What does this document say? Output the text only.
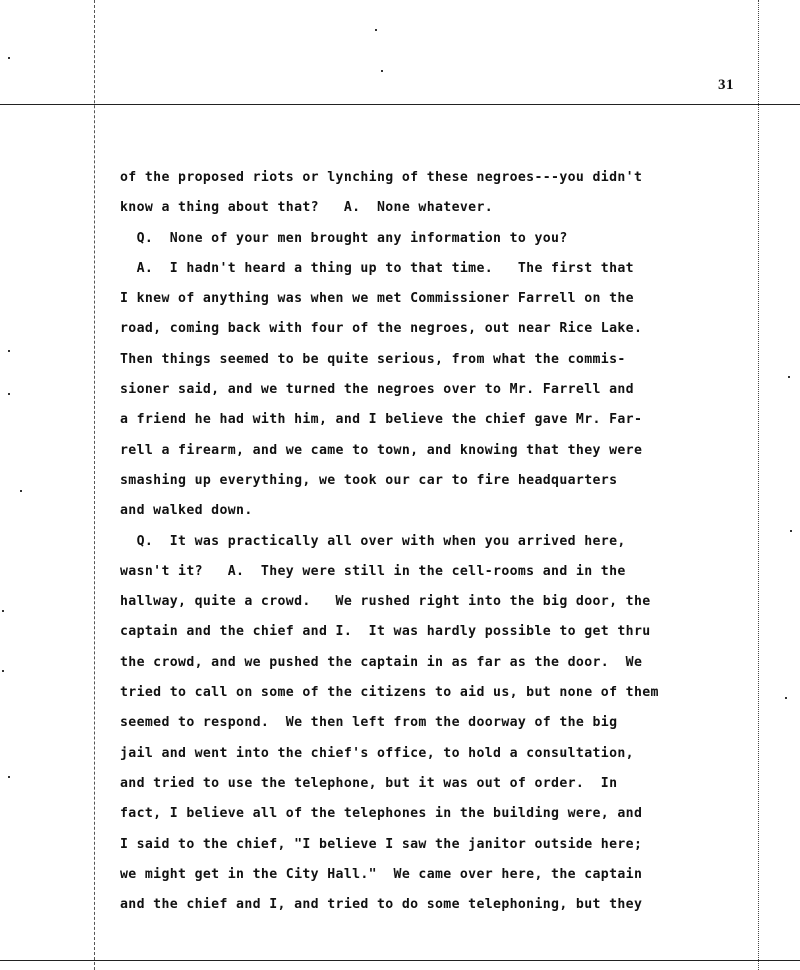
31
of the proposed riots or lynching of these negroes---you didn't
know a thing about that?   A.  None whatever.
Q.  None of your men brought any information to you?
A.  I hadn't heard a thing up to that time.   The first that
I knew of anything was when we met Commissioner Farrell on the
road, coming back with four of the negroes, out near Rice Lake.
Then things seemed to be quite serious, from what the commis-
sioner said, and we turned the negroes over to Mr. Farrell and
a friend he had with him, and I believe the chief gave Mr. Far-
rell a firearm, and we came to town, and knowing that they were
smashing up everything, we took our car to fire headquarters
and walked down.
Q.  It was practically all over with when you arrived here,
wasn't it?   A.  They were still in the cell-rooms and in the
hallway, quite a crowd.   We rushed right into the big door, the
captain and the chief and I.  It was hardly possible to get thru
the crowd, and we pushed the captain in as far as the door.  We
tried to call on some of the citizens to aid us, but none of them
seemed to respond.  We then left from the doorway of the big
jail and went into the chief's office, to hold a consultation,
and tried to use the telephone, but it was out of order.  In
fact, I believe all of the telephones in the building were, and
I said to the chief, "I believe I saw the janitor outside here;
we might get in the City Hall."  We came over here, the captain
and the chief and I, and tried to do some telephoning, but they
